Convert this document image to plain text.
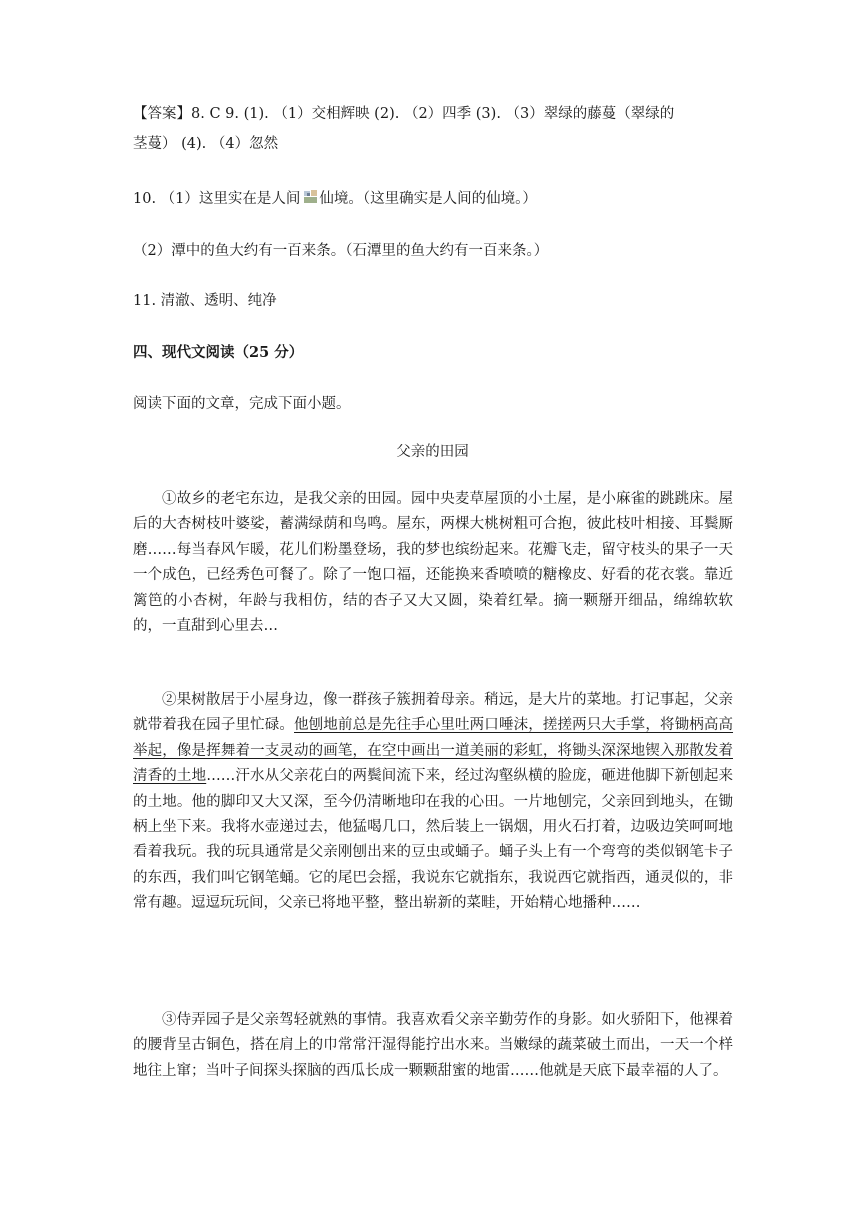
【答案】8. C 9. (1). （1）交相辉映 (2). （2）四季 (3). （3）翠绿的藤蔓（翠绿的
茎蔓） (4). （4）忽然
10. （1）这里实在是人间 仙境。（这里确实是人间的仙境。）
（2）潭中的鱼大约有一百来条。（石潭里的鱼大约有一百来条。）
11. 清澈、透明、纯净
四、现代文阅读（25 分）
阅读下面的文章，完成下面小题。
父亲的田园

①故乡的老宅东边，是我父亲的田园。园中央麦草屋顶的小土屋，是小麻雀的跳跳床。屋后的大杏树枝叶婆娑，蓄满绿荫和鸟鸣。屋东，两棵大桃树粗可合抱，彼此枝叶相接、耳鬓厮磨……每当春风乍暖，花儿们粉墨登场，我的梦也缤纷起来。花瓣飞走，留守枝头的果子一天一个成色，已经秀色可餐了。除了一饱口福，还能换来香喷喷的糖橡皮、好看的花衣裳。靠近篱笆的小杏树，年龄与我相仿，结的杏子又大又圆，染着红晕。摘一颗掰开细品，绵绵软软的，一直甜到心里去…

②果树散居于小屋身边，像一群孩子簇拥着母亲。稍远，是大片的菜地。打记事起，父亲就带着我在园子里忙碌。他刨地前总是先往手心里吐两口唾沫，搓搓两只大手掌，将锄柄高高举起，像是挥舞着一支灵动的画笔，在空中画出一道美丽的彩虹，将锄头深深地锲入那散发着清香的土地……汗水从父亲花白的两鬓间流下来，经过沟壑纵横的脸庞，砸进他脚下新刨起来的土地。他的脚印又大又深，至今仍清晰地印在我的心田。一片地刨完，父亲回到地头，在锄柄上坐下来。我将水壶递过去，他猛喝几口，然后装上一锅烟，用火石打着，边吸边笑呵呵地看着我玩。我的玩具通常是父亲刚刨出来的豆虫或蛹子。蛹子头上有一个弯弯的类似钢笔卡子的东西，我们叫它钢笔蛹。它的尾巴会摇，我说东它就指东，我说西它就指西，通灵似的，非常有趣。逗逗玩玩间，父亲已将地平整，整出崭新的菜畦，开始精心地播种……

③侍弄园子是父亲驾轻就熟的事情。我喜欢看父亲辛勤劳作的身影。如火骄阳下，他裸着的腰背呈古铜色，搭在肩上的巾常常汗湿得能拧出水来。当嫩绿的蔬菜破土而出，一天一个样地往上窜；当叶子间探头探脑的西瓜长成一颗颗甜蜜的地雷……他就是天底下最幸福的人了。
